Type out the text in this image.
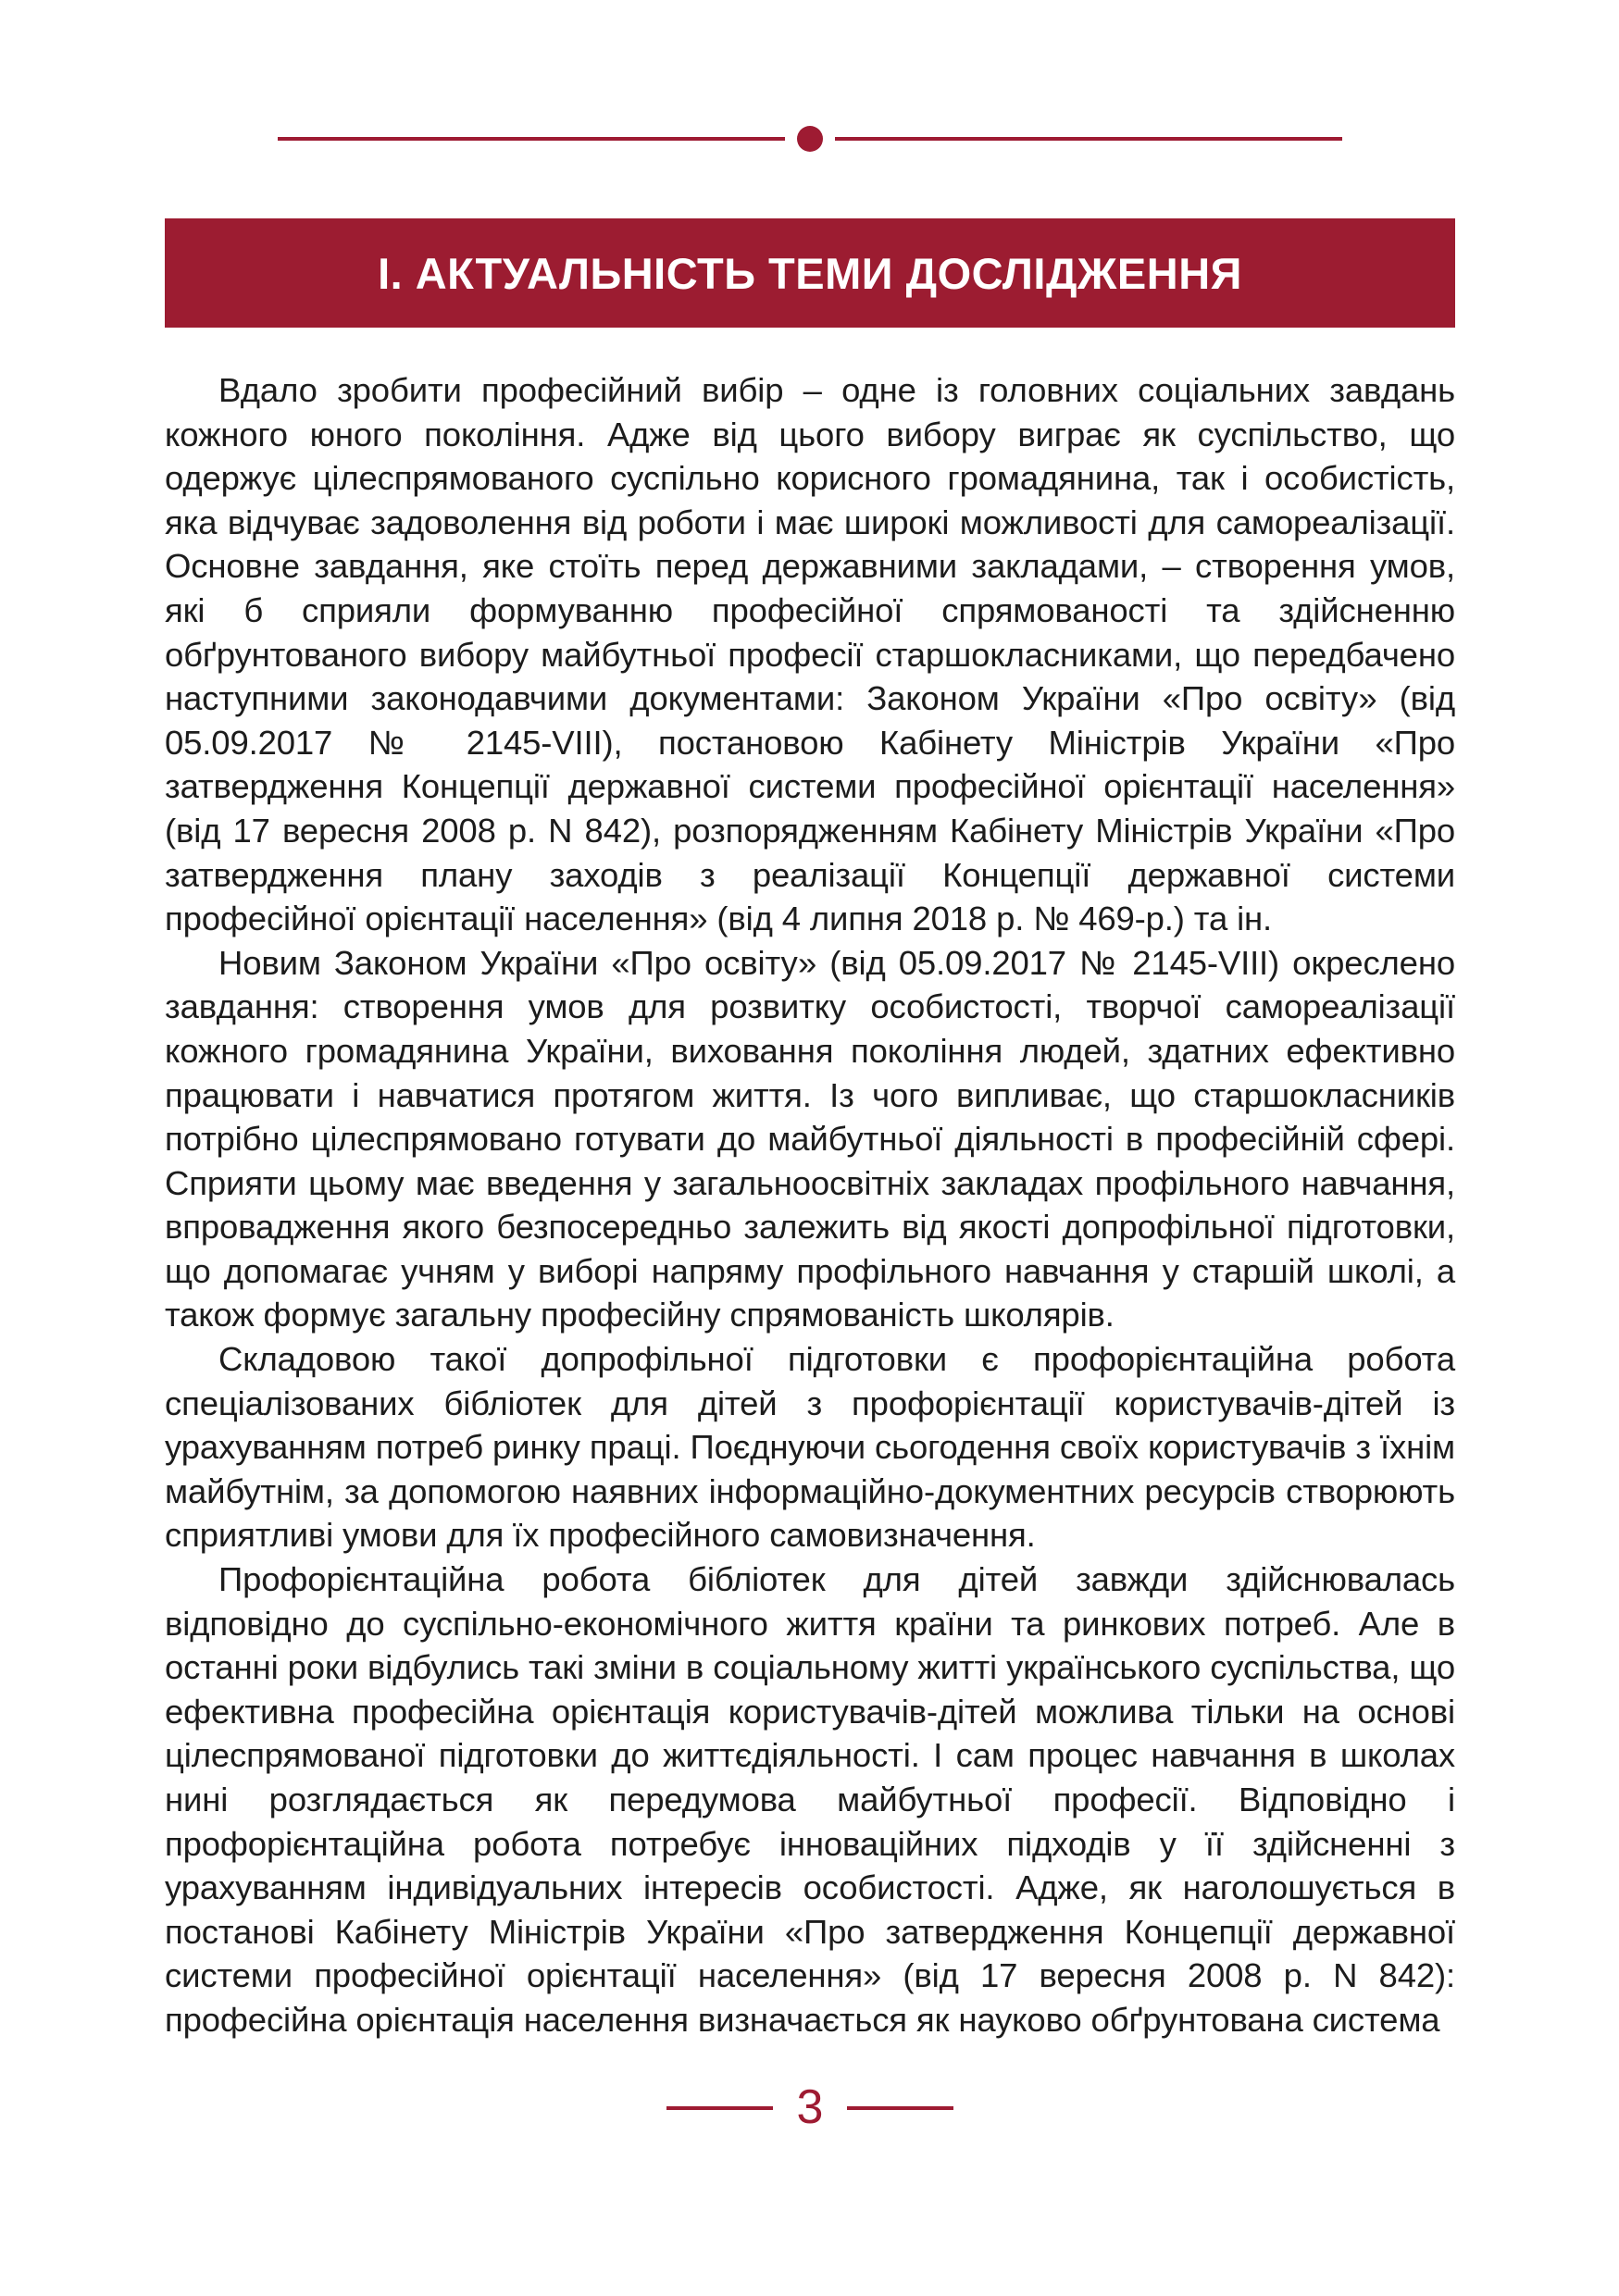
І. АКТУАЛЬНІСТЬ ТЕМИ ДОСЛІДЖЕННЯ

Вдало зробити професійний вибір – одне із головних соціальних завдань кожного юного покоління. Адже від цього вибору виграє як суспільство, що одержує цілеспрямованого суспільно корисного громадянина, так і особистість, яка відчуває задоволення від роботи і має широкі можливості для самореалізації. Основне завдання, яке стоїть перед державними закладами, – створення умов, які б сприяли формуванню професійної спрямованості та здійсненню обґрунтованого вибору майбутньої професії старшокласниками, що передбачено наступними законодавчими документами: Законом України «Про освіту» (від 05.09.2017 № 2145-VIII), постановою Кабінету Міністрів України «Про затвердження Концепції державної системи професійної орієнтації населення» (від 17 вересня 2008 р. N 842), розпорядженням Кабінету Міністрів України «Про затвердження плану заходів з реалізації Концепції державної системи професійної орієнтації населення» (від 4 липня 2018 р. № 469-р.) та ін.

Новим Законом України «Про освіту» (від 05.09.2017 № 2145-VIII) окреслено завдання: створення умов для розвитку особистості, творчої самореалізації кожного громадянина України, виховання покоління людей, здатних ефективно працювати і навчатися протягом життя. Із чого випливає, що старшокласників потрібно цілеспрямовано готувати до майбутньої діяльності в професійній сфері. Сприяти цьому має введення у загальноосвітніх закладах профільного навчання, впровадження якого безпосередньо залежить від якості допрофільної підготовки, що допомагає учням у виборі напряму профільного навчання у старшій школі, а також формує загальну професійну спрямованість школярів.

Складовою такої допрофільної підготовки є профорієнтаційна робота спеціалізованих бібліотек для дітей з профорієнтації користувачів-дітей із урахуванням потреб ринку праці. Поєднуючи сьогодення своїх користувачів з їхнім майбутнім, за допомогою наявних інформаційно-документних ресурсів створюють сприятливі умови для їх професійного самовизначення.

Профорієнтаційна робота бібліотек для дітей завжди здійснювалась відповідно до суспільно-економічного життя країни та ринкових потреб. Але в останні роки відбулись такі зміни в соціальному житті українського суспільства, що ефективна професійна орієнтація користувачів-дітей можлива тільки на основі цілеспрямованої підготовки до життєдіяльності. І сам процес навчання в школах нині розглядається як передумова майбутньої професії. Відповідно і профорієнтаційна робота потребує інноваційних підходів у її здійсненні з урахуванням індивідуальних інтересів особистості. Адже, як наголошується в постанові Кабінету Міністрів України «Про затвердження Концепції державної системи професійної орієнтації населення» (від 17 вересня 2008 р. N 842): професійна орієнтація населення визначається як науково обґрунтована система

3
